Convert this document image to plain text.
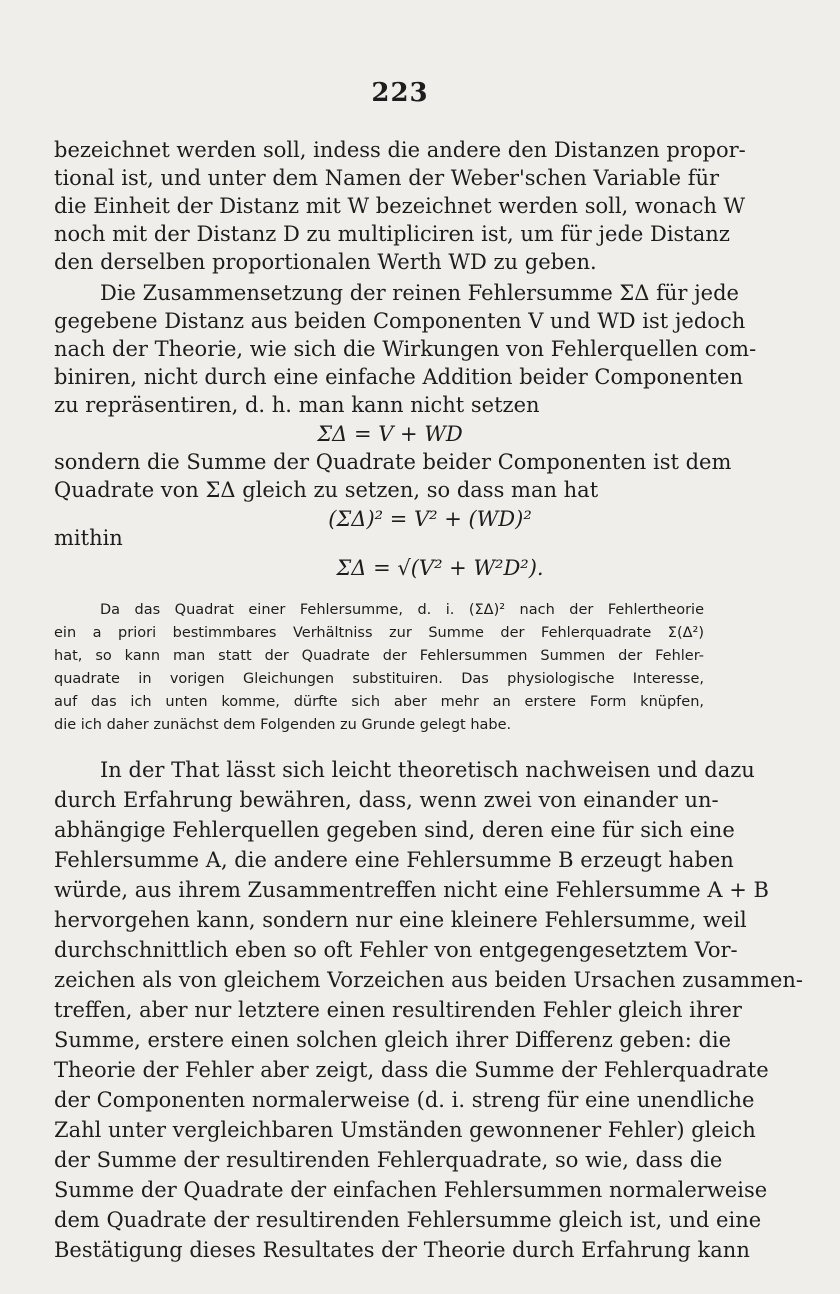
223
bezeichnet werden soll, indess die andere den Distanzen propor-
tional ist, und unter dem Namen der Weber'schen Variable für
die Einheit der Distanz mit W bezeichnet werden soll, wonach W
noch mit der Distanz D zu multipliciren ist, um für jede Distanz
den derselben proportionalen Werth WD zu geben.
Die Zusammensetzung der reinen Fehlersumme ΣΔ für jede
gegebene Distanz aus beiden Componenten V und WD ist jedoch
nach der Theorie, wie sich die Wirkungen von Fehlerquellen com-
biniren, nicht durch eine einfache Addition beider Componenten
zu repräsentiren, d. h. man kann nicht setzen
ΣΔ = V + WD
sondern die Summe der Quadrate beider Componenten ist dem
Quadrate von ΣΔ gleich zu setzen, so dass man hat
(ΣΔ)² = V² + (WD)²
mithin
ΣΔ = √(V² + W²D²).
Da das Quadrat einer Fehlersumme, d. i. (ΣΔ)² nach der Fehlertheorie
ein a priori bestimmbares Verhältniss zur Summe der Fehlerquadrate Σ(Δ²)
hat, so kann man statt der Quadrate der Fehlersummen Summen der Fehler-
quadrate in vorigen Gleichungen substituiren. Das physiologische Interesse,
auf das ich unten komme, dürfte sich aber mehr an erstere Form knüpfen,
die ich daher zunächst dem Folgenden zu Grunde gelegt habe.
In der That lässt sich leicht theoretisch nachweisen und dazu
durch Erfahrung bewähren, dass, wenn zwei von einander un-
abhängige Fehlerquellen gegeben sind, deren eine für sich eine
Fehlersumme A, die andere eine Fehlersumme B erzeugt haben
würde, aus ihrem Zusammentreffen nicht eine Fehlersumme A + B
hervorgehen kann, sondern nur eine kleinere Fehlersumme, weil
durchschnittlich eben so oft Fehler von entgegengesetztem Vor-
zeichen als von gleichem Vorzeichen aus beiden Ursachen zusammen-
treffen, aber nur letztere einen resultirenden Fehler gleich ihrer
Summe, erstere einen solchen gleich ihrer Differenz geben: die
Theorie der Fehler aber zeigt, dass die Summe der Fehlerquadrate
der Componenten normalerweise (d. i. streng für eine unendliche
Zahl unter vergleichbaren Umständen gewonnener Fehler) gleich
der Summe der resultirenden Fehlerquadrate, so wie, dass die
Summe der Quadrate der einfachen Fehlersummen normalerweise
dem Quadrate der resultirenden Fehlersumme gleich ist, und eine
Bestätigung dieses Resultates der Theorie durch Erfahrung kann
